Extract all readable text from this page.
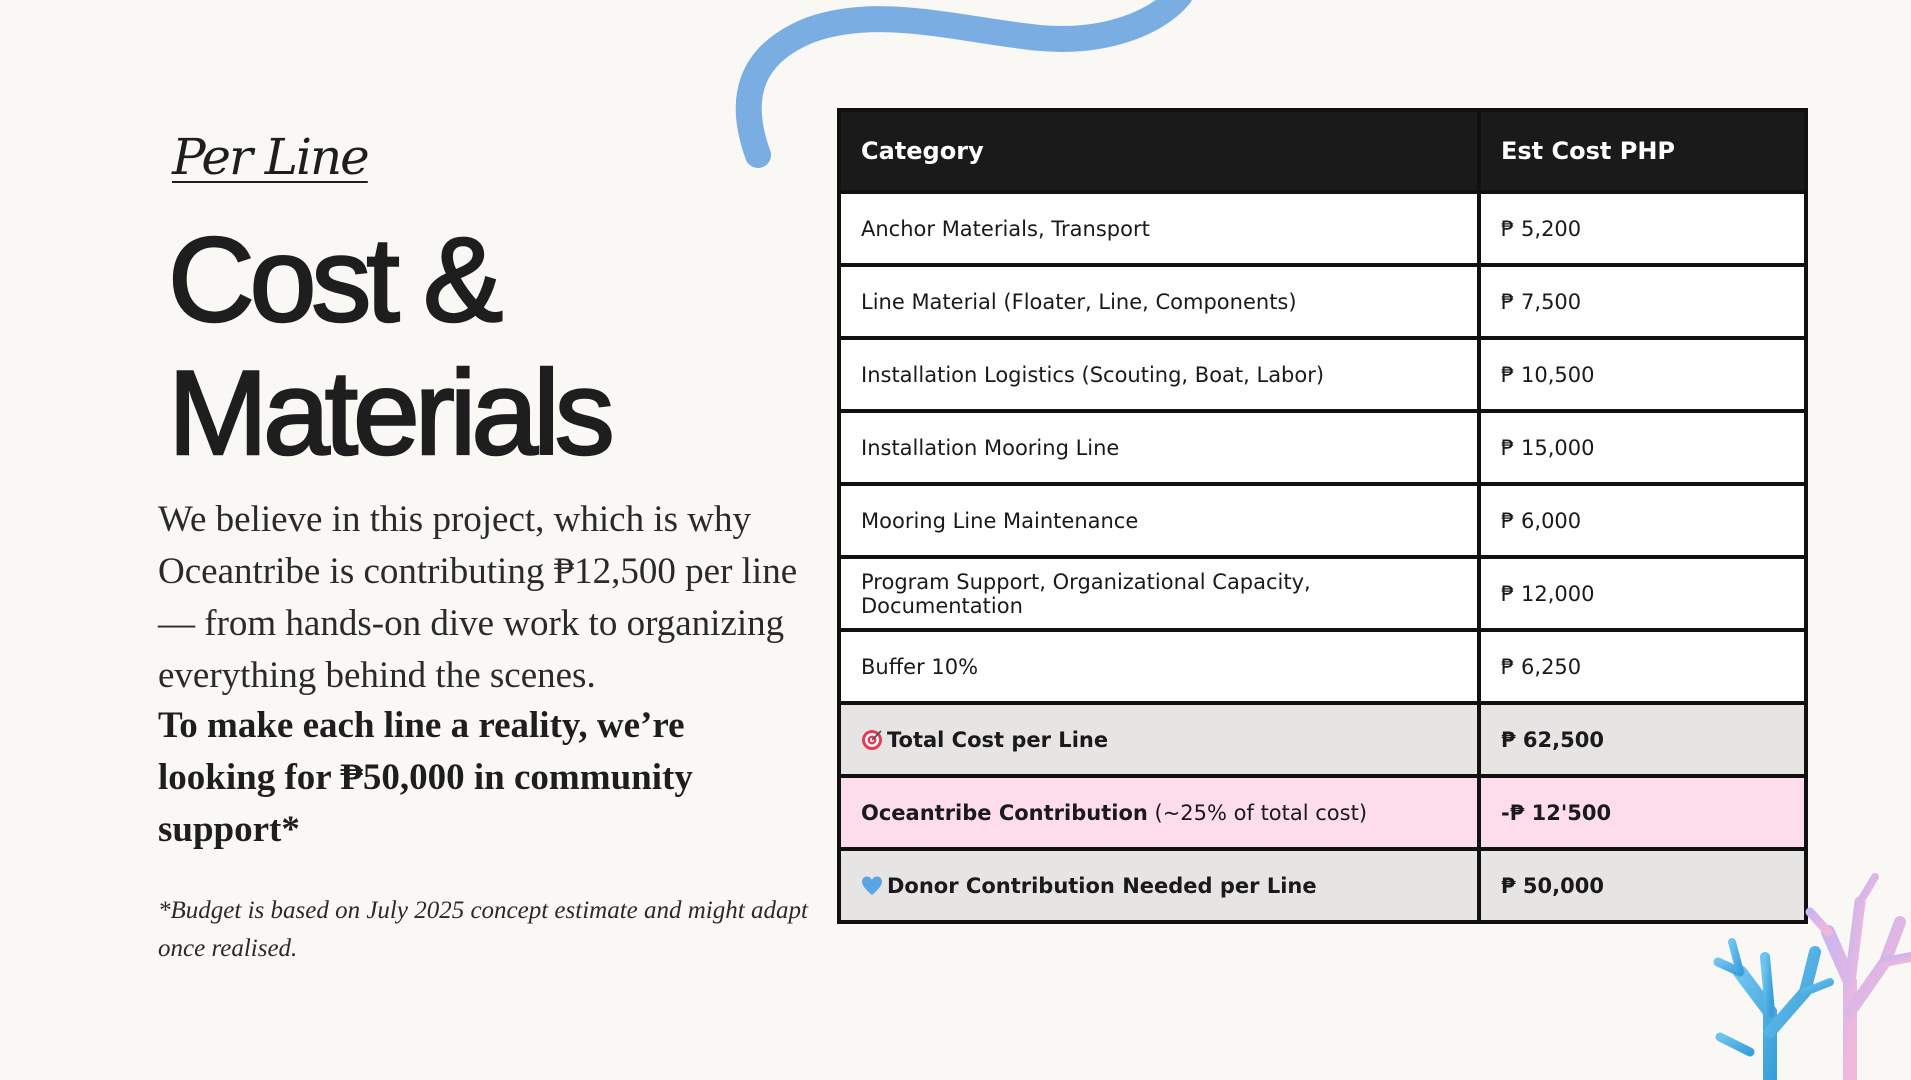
Per Line

Cost &
Materials

We believe in this project, which is why Oceantribe is contributing ₱12,500 per line — from hands-on dive work to organizing everything behind the scenes.

To make each line a reality, we’re looking for ₱50,000 in community support*

*Budget is based on July 2025 concept estimate and might adapt once realised.

Category	Est Cost PHP
Anchor Materials, Transport	₱ 5,200
Line Material (Floater, Line, Components)	₱ 7,500
Installation Logistics (Scouting, Boat, Labor)	₱ 10,500
Installation Mooring Line	₱ 15,000
Mooring Line Maintenance	₱ 6,000
Program Support, Organizational Capacity, Documentation	₱ 12,000
Buffer 10%	₱ 6,250
Total Cost per Line	₱ 62,500
Oceantribe Contribution (~25% of total cost)	-₱ 12'500
Donor Contribution Needed per Line	₱ 50,000
